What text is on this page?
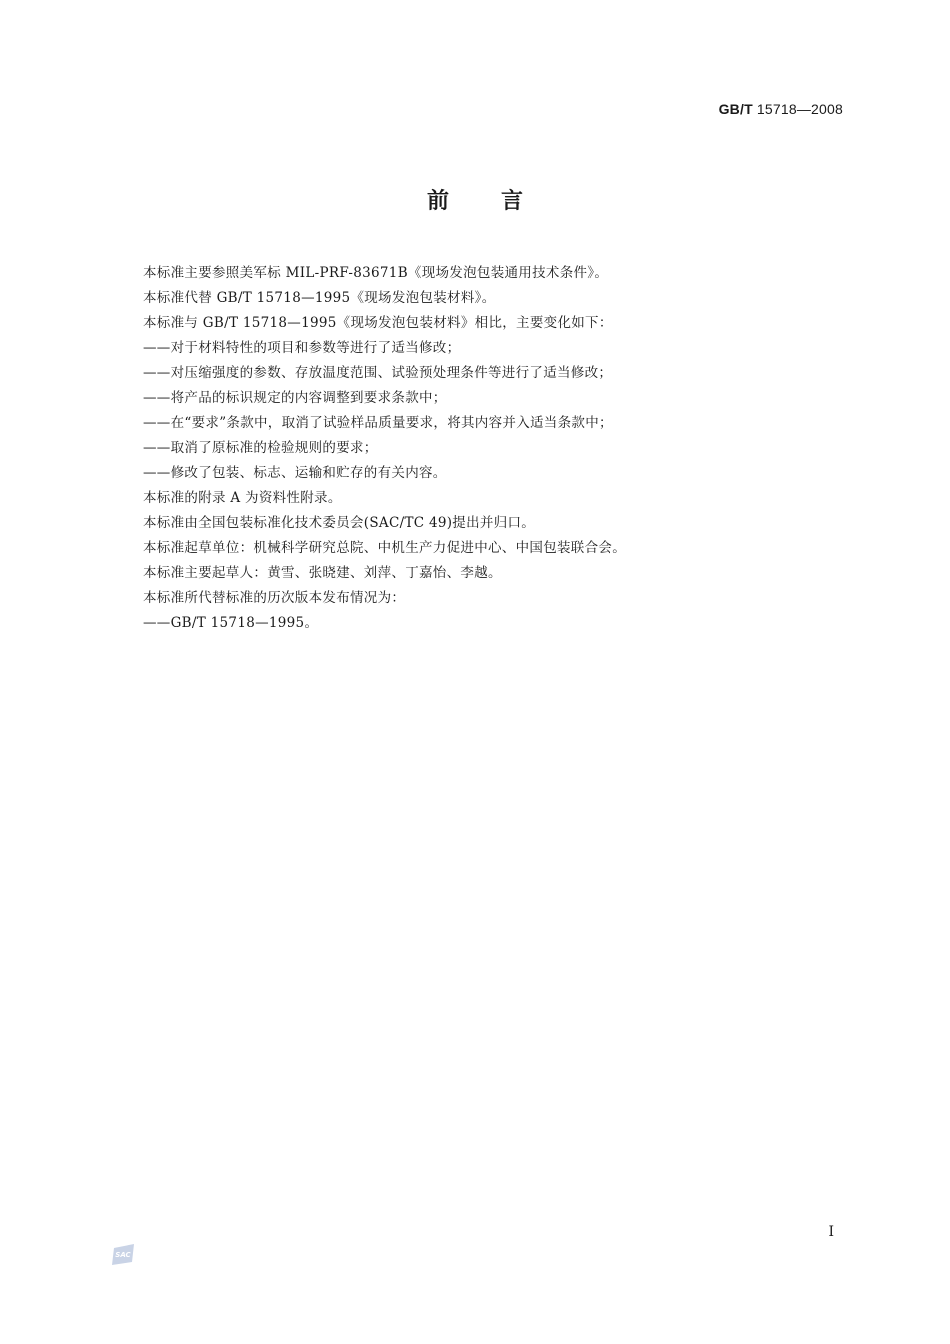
GB/T 15718—2008
前言
本标准主要参照美军标 MIL-PRF-83671B《现场发泡包装通用技术条件》。
本标准代替 GB/T 15718—1995《现场发泡包装材料》。
本标准与 GB/T 15718—1995《现场发泡包装材料》相比，主要变化如下：
——对于材料特性的项目和参数等进行了适当修改；
——对压缩强度的参数、存放温度范围、试验预处理条件等进行了适当修改；
——将产品的标识规定的内容调整到要求条款中；
——在“要求”条款中，取消了试验样品质量要求，将其内容并入适当条款中；
——取消了原标准的检验规则的要求；
——修改了包装、标志、运输和贮存的有关内容。
本标准的附录 A 为资料性附录。
本标准由全国包装标准化技术委员会(SAC/TC 49)提出并归口。
本标准起草单位：机械科学研究总院、中机生产力促进中心、中国包装联合会。
本标准主要起草人：黄雪、张晓建、刘萍、丁嘉怡、李越。
本标准所代替标准的历次版本发布情况为：
——GB/T 15718—1995。
I
SAC
